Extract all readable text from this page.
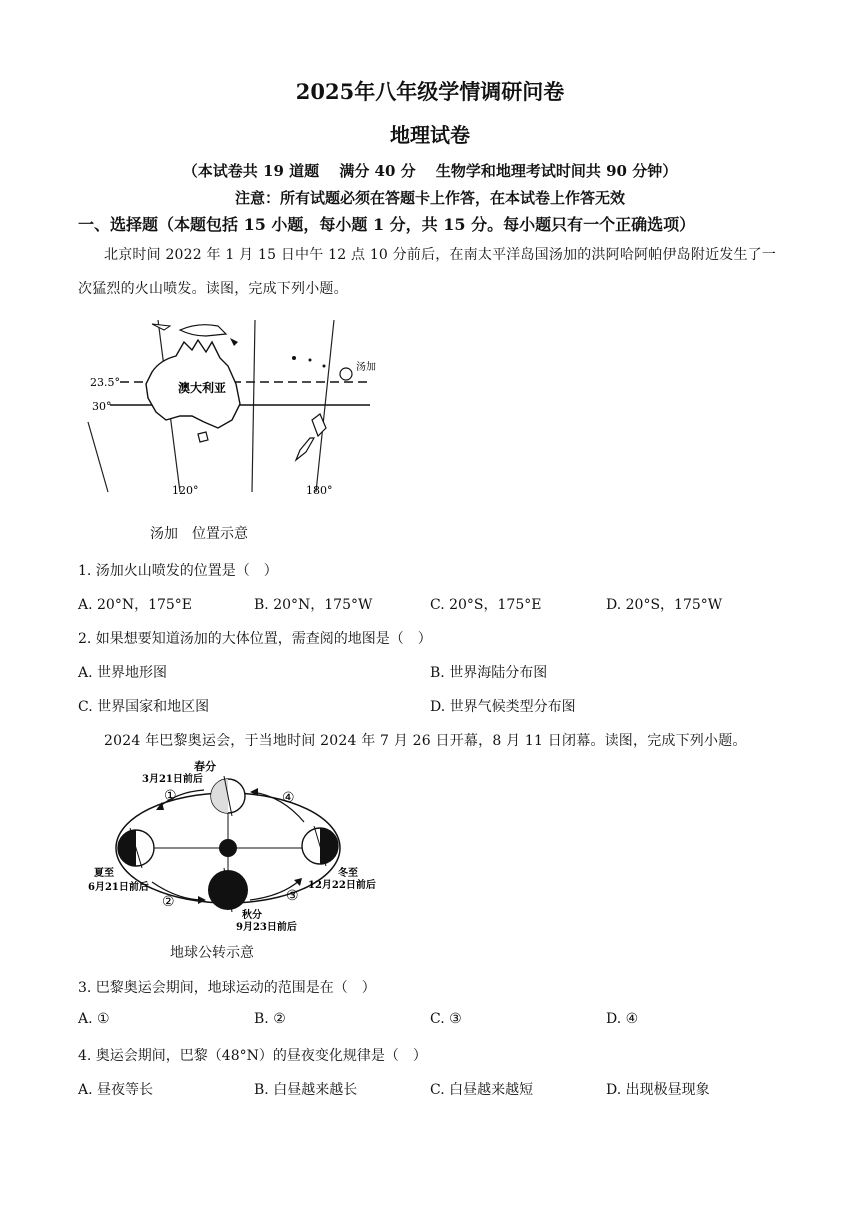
2025年八年级学情调研问卷
地理试卷
（本试卷共 19 道题　 满分 40 分　 生物学和地理考试时间共 90 分钟）
注意：所有试题必须在答题卡上作答，在本试卷上作答无效
一、选择题（本题包括 15 小题，每小题 1 分，共 15 分。每小题只有一个正确选项）
北京时间 2022 年 1 月 15 日中午 12 点 10 分前后，在南太平洋岛国汤加的洪阿哈阿帕伊岛附近发生了一
次猛烈的火山喷发。读图，完成下列小题。
23.5°
30°
澳大利亚
汤加
120°	180°
汤加　位置示意
1. 汤加火山喷发的位置是（　）
A. 20°N，175°E	B. 20°N，175°W	C. 20°S，175°E	D. 20°S，175°W
2. 如果想要知道汤加的大体位置，需查阅的地图是（　）
A. 世界地形图	B. 世界海陆分布图
C. 世界国家和地区图	D. 世界气候类型分布图
2024 年巴黎奥运会，于当地时间 2024 年 7 月 26 日开幕，8 月 11 日闭幕。读图，完成下列小题。
春分
3月21日前后
①	④
②	③
夏至
6月21日前后
冬至
12月22日前后
秋分
9月23日前后
地球公转示意
3. 巴黎奥运会期间，地球运动的范围是在（　）
A. ①	B. ②	C. ③	D. ④
4. 奥运会期间，巴黎（48°N）的昼夜变化规律是（　）
A. 昼夜等长	B. 白昼越来越长	C. 白昼越来越短	D. 出现极昼现象
